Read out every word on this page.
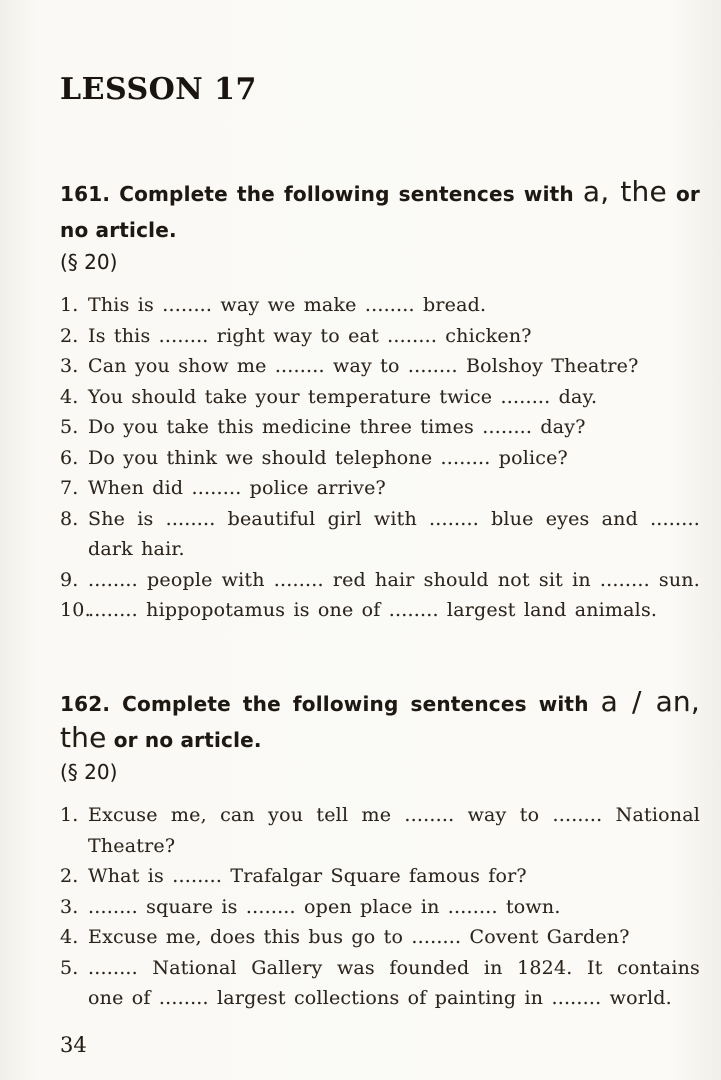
LESSON 17
161. Complete the following sentences with a, the or
no article.
(§ 20)
1. This is ........ way we make ........ bread.
2. Is this ........ right way to eat ........ chicken?
3. Can you show me ........ way to ........ Bolshoy Theatre?
4. You should take your temperature twice ........ day.
5. Do you take this medicine three times ........ day?
6. Do you think we should telephone ........ police?
7. When did ........ police arrive?
8. She is ........ beautiful girl with ........ blue eyes and ........
dark hair.
9. ........ people with ........ red hair should not sit in ........ sun.
10.
........ hippopotamus is one of ........ largest land animals.
162. Complete the following sentences with a / an,
the or no article.
(§ 20)
1. Excuse me, can you tell me ........ way to ........ National
Theatre?
2. What is ........ Trafalgar Square famous for?
3. ........ square is ........ open place in ........ town.
4. Excuse me, does this bus go to ........ Covent Garden?
5. ........ National Gallery was founded in 1824. It contains
one of ........ largest collections of painting in ........ world.
34
